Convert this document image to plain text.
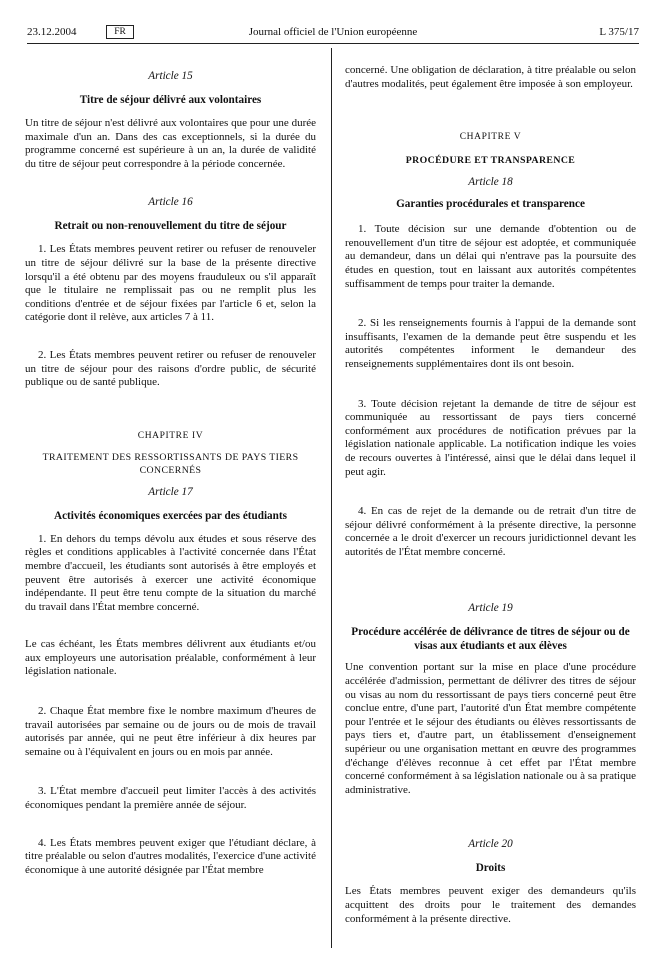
23.12.2004	FR	Journal officiel de l'Union européenne	L 375/17

Article 15

Titre de séjour délivré aux volontaires

Un titre de séjour n'est délivré aux volontaires que pour une durée maximale d'un an. Dans des cas exceptionnels, si la durée du programme concerné est supérieure à un an, la durée de validité du titre de séjour peut correspondre à la période concernée.

Article 16

Retrait ou non-renouvellement du titre de séjour

1. Les États membres peuvent retirer ou refuser de renouveler un titre de séjour délivré sur la base de la présente directive lorsqu'il a été obtenu par des moyens frauduleux ou s'il apparaît que le titulaire ne remplissait pas ou ne remplit plus les conditions d'entrée et de séjour fixées par l'article 6 et, selon la catégorie dont il relève, aux articles 7 à 11.

2. Les États membres peuvent retirer ou refuser de renouveler un titre de séjour pour des raisons d'ordre public, de sécurité publique ou de santé publique.

CHAPITRE IV

TRAITEMENT DES RESSORTISSANTS DE PAYS TIERS CONCERNÉS

Article 17

Activités économiques exercées par des étudiants

1. En dehors du temps dévolu aux études et sous réserve des règles et conditions applicables à l'activité concernée dans l'État membre d'accueil, les étudiants sont autorisés à être employés et peuvent être autorisés à exercer une activité économique indépendante. Il peut être tenu compte de la situation du marché du travail dans l'État membre concerné.

Le cas échéant, les États membres délivrent aux étudiants et/ou aux employeurs une autorisation préalable, conformément à leur législation nationale.

2. Chaque État membre fixe le nombre maximum d'heures de travail autorisées par semaine ou de jours ou de mois de travail autorisés par année, qui ne peut être inférieur à dix heures par semaine ou à l'équivalent en jours ou en mois par année.

3. L'État membre d'accueil peut limiter l'accès à des activités économiques pendant la première année de séjour.

4. Les États membres peuvent exiger que l'étudiant déclare, à titre préalable ou selon d'autres modalités, l'exercice d'une activité économique à une autorité désignée par l'État membre

concerné. Une obligation de déclaration, à titre préalable ou selon d'autres modalités, peut également être imposée à son employeur.

CHAPITRE V

PROCÉDURE ET TRANSPARENCE

Article 18

Garanties procédurales et transparence

1. Toute décision sur une demande d'obtention ou de renouvellement d'un titre de séjour est adoptée, et communiquée au demandeur, dans un délai qui n'entrave pas la poursuite des études en question, tout en laissant aux autorités compétentes suffisamment de temps pour traiter la demande.

2. Si les renseignements fournis à l'appui de la demande sont insuffisants, l'examen de la demande peut être suspendu et les autorités compétentes informent le demandeur des renseignements supplémentaires dont ils ont besoin.

3. Toute décision rejetant la demande de titre de séjour est communiquée au ressortissant de pays tiers concerné conformément aux procédures de notification prévues par la législation nationale applicable. La notification indique les voies de recours ouvertes à l'intéressé, ainsi que le délai dans lequel il peut agir.

4. En cas de rejet de la demande ou de retrait d'un titre de séjour délivré conformément à la présente directive, la personne concernée a le droit d'exercer un recours juridictionnel devant les autorités de l'État membre concerné.

Article 19

Procédure accélérée de délivrance de titres de séjour ou de visas aux étudiants et aux élèves

Une convention portant sur la mise en place d'une procédure accélérée d'admission, permettant de délivrer des titres de séjour ou visas au nom du ressortissant de pays tiers concerné peut être conclue entre, d'une part, l'autorité d'un État membre compétente pour l'entrée et le séjour des étudiants ou élèves ressortissants de pays tiers et, d'autre part, un établissement d'enseignement supérieur ou une organisation mettant en œuvre des programmes d'échange d'élèves reconnue à cet effet par l'État membre concerné conformément à sa législation nationale ou à sa pratique administrative.

Article 20

Droits

Les États membres peuvent exiger des demandeurs qu'ils acquittent des droits pour le traitement des demandes conformément à la présente directive.
